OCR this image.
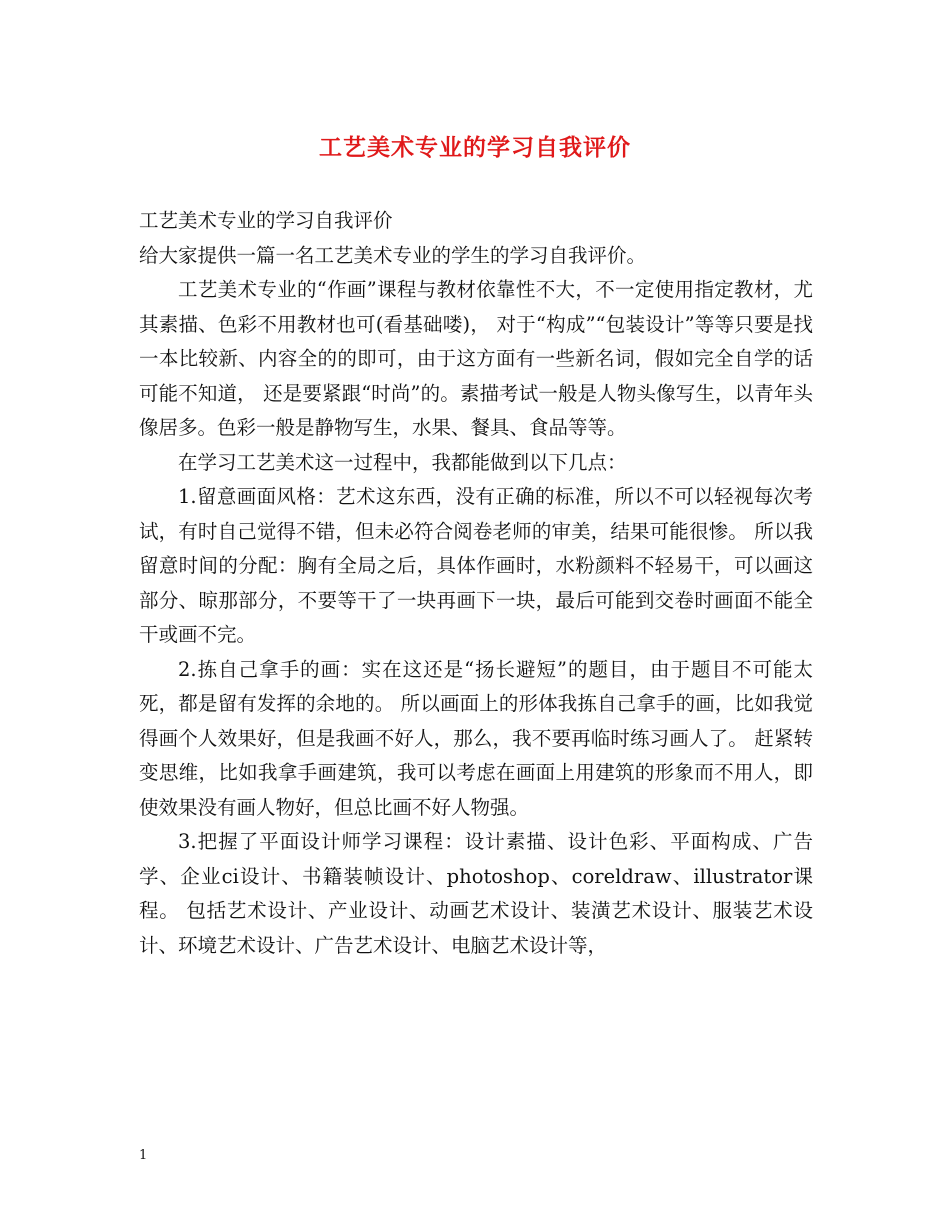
工艺美术专业的学习自我评价

工艺美术专业的学习自我评价

给大家提供一篇一名工艺美术专业的学生的学习自我评价。

工艺美术专业的“作画”课程与教材依靠性不大，不一定使用指定教材，尤其素描、色彩不用教材也可(看基础喽)， 对于“构成”“包装设计”等等只要是找一本比较新、内容全的的即可，由于这方面有一些新名词，假如完全自学的话可能不知道， 还是要紧跟“时尚”的。素描考试一般是人物头像写生，以青年头像居多。色彩一般是静物写生，水果、餐具、食品等等。

在学习工艺美术这一过程中，我都能做到以下几点：

1.留意画面风格：艺术这东西，没有正确的标准，所以不可以轻视每次考试，有时自己觉得不错，但未必符合阅卷老师的审美，结果可能很惨。 所以我留意时间的分配：胸有全局之后，具体作画时，水粉颜料不轻易干，可以画这部分、晾那部分，不要等干了一块再画下一块，最后可能到交卷时画面不能全干或画不完。

2.拣自己拿手的画：实在这还是“扬长避短”的题目，由于题目不可能太死，都是留有发挥的余地的。 所以画面上的形体我拣自己拿手的画，比如我觉得画个人效果好，但是我画不好人，那么，我不要再临时练习画人了。 赶紧转变思维，比如我拿手画建筑，我可以考虑在画面上用建筑的形象而不用人，即使效果没有画人物好，但总比画不好人物强。

3.把握了平面设计师学习课程：设计素描、设计色彩、平面构成、广告学、企业ci设计、书籍装帧设计、photoshop、coreldraw、illustrator课程。 包括艺术设计、产业设计、动画艺术设计、装潢艺术设计、服装艺术设计、环境艺术设计、广告艺术设计、电脑艺术设计等，

1
